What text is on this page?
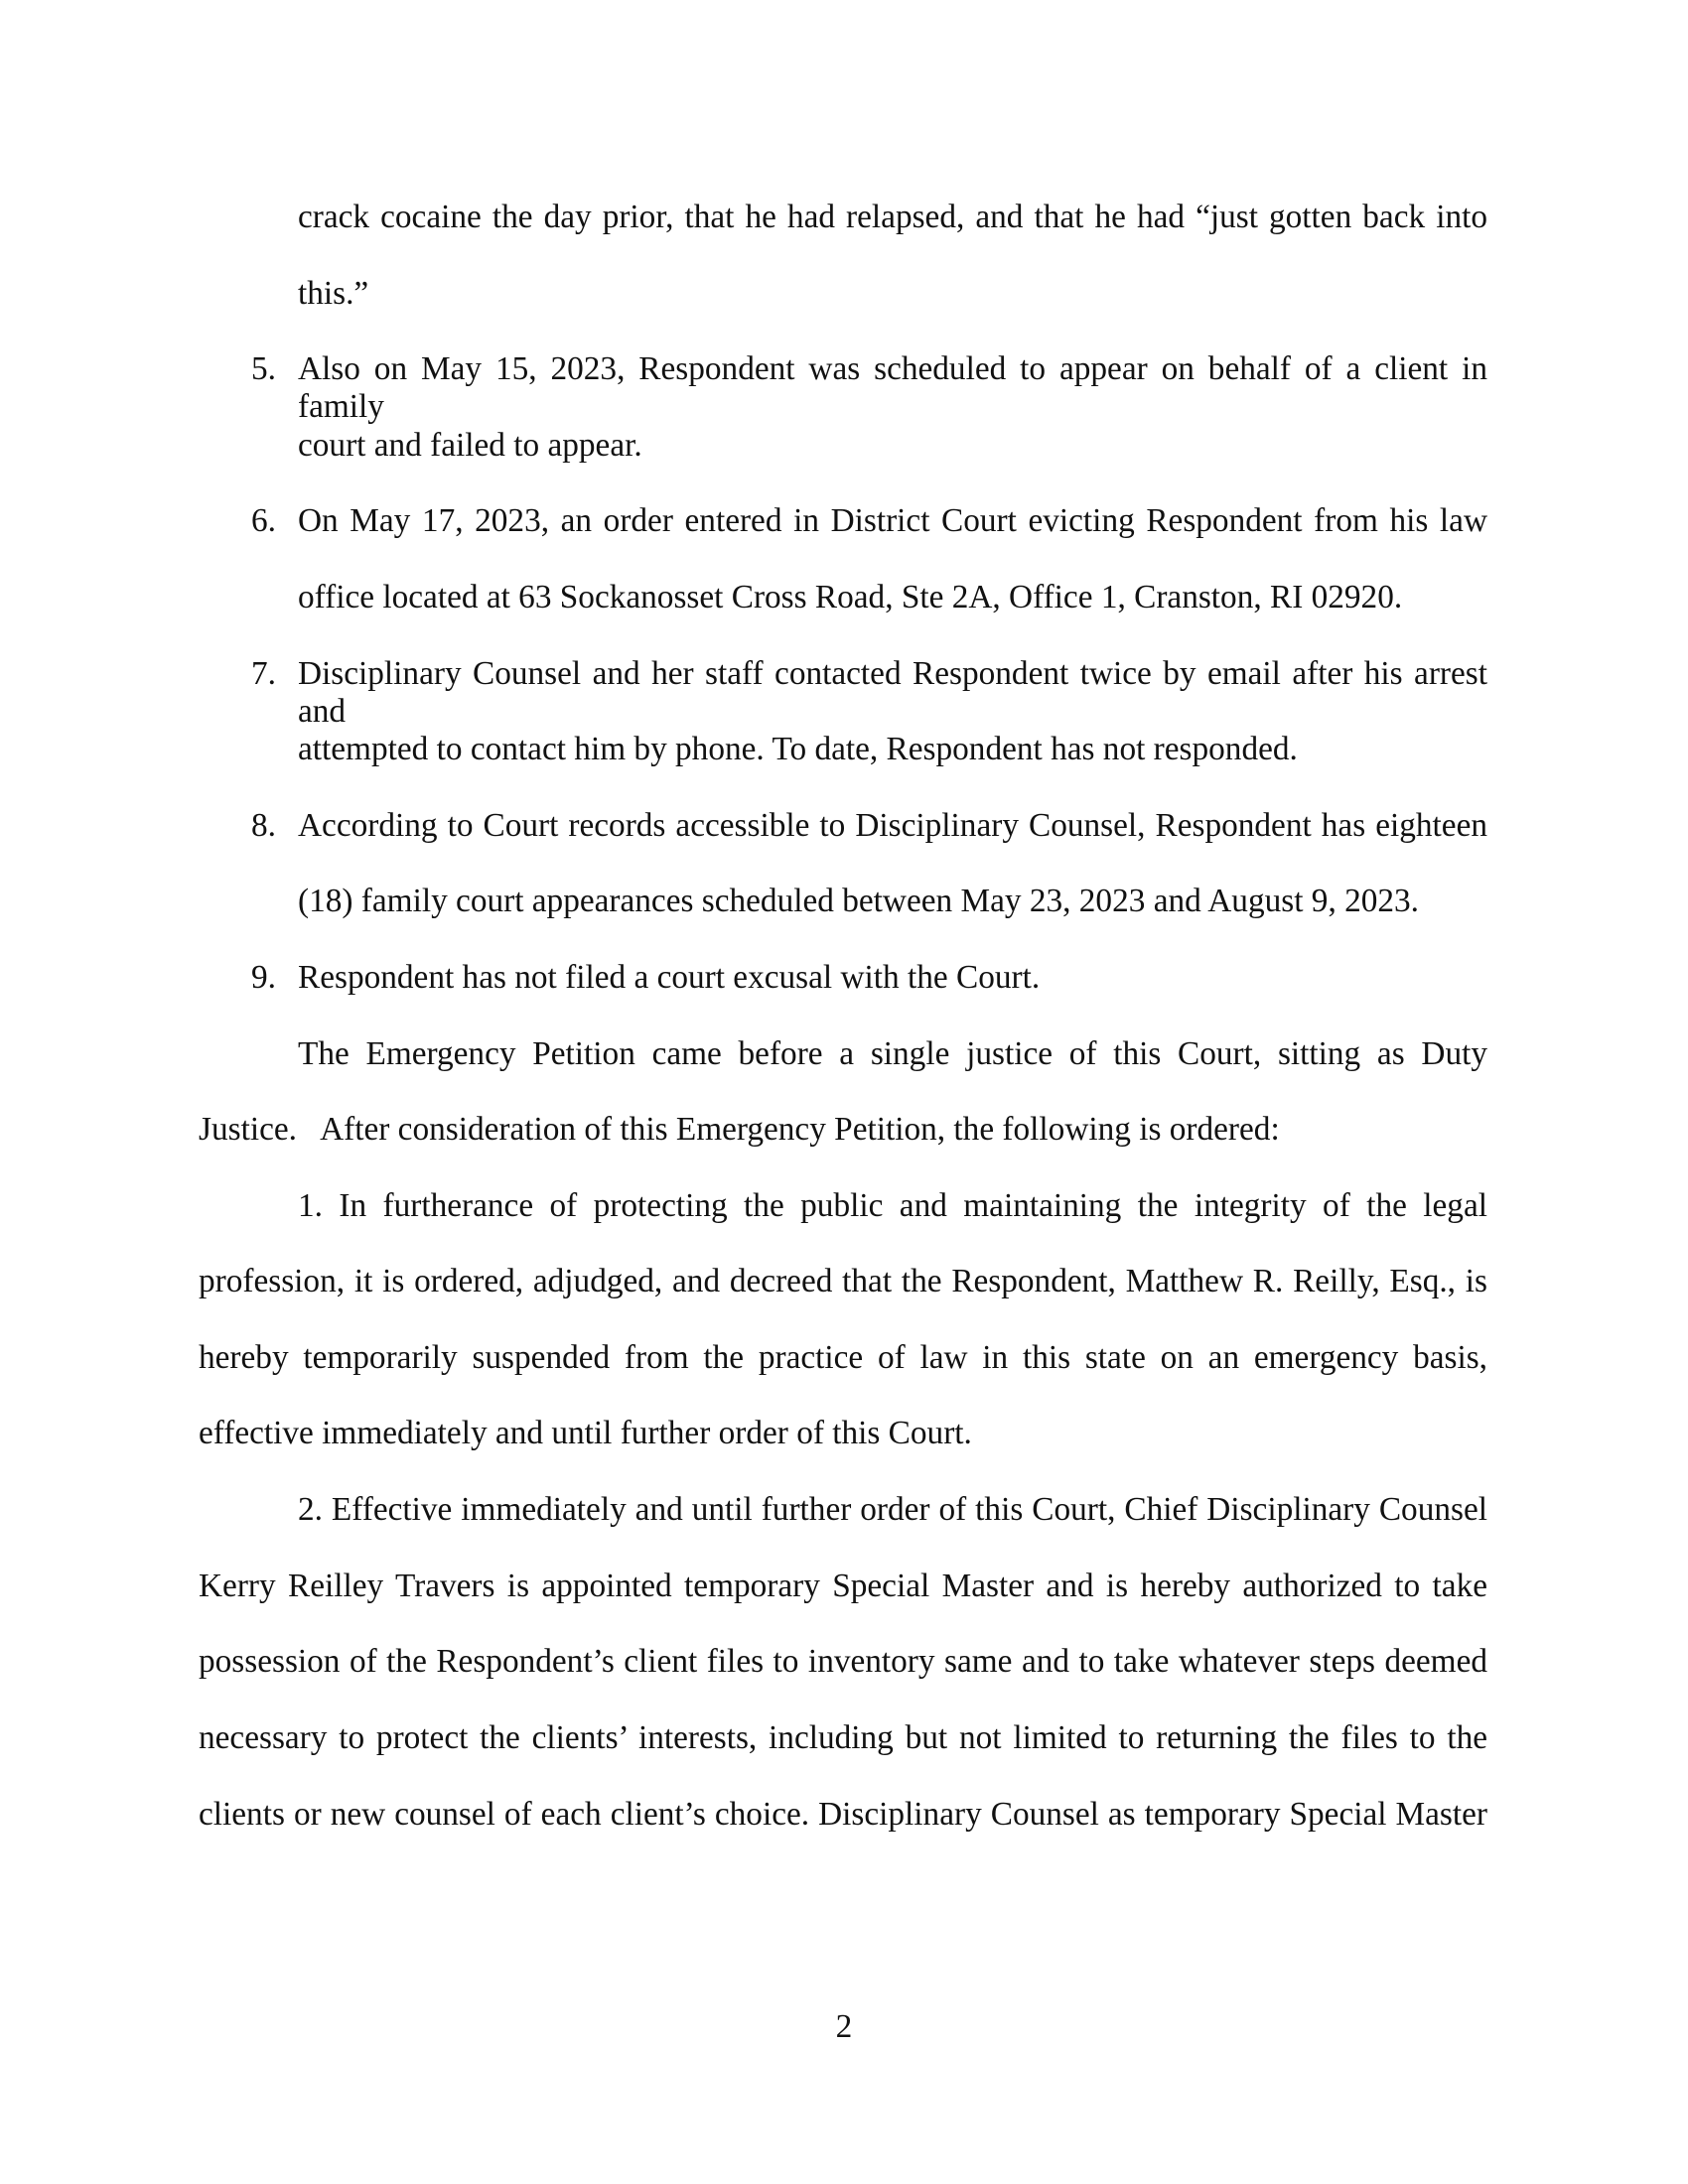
crack cocaine the day prior, that he had relapsed, and that he had “just gotten back into
this.”
5. Also on May 15, 2023, Respondent was scheduled to appear on behalf of a client in family
court and failed to appear.
6. On May 17, 2023, an order entered in District Court evicting Respondent from his law
office located at 63 Sockanosset Cross Road, Ste 2A, Office 1, Cranston, RI 02920.
7. Disciplinary Counsel and her staff contacted Respondent twice by email after his arrest and
attempted to contact him by phone. To date, Respondent has not responded.
8. According to Court records accessible to Disciplinary Counsel, Respondent has eighteen
(18) family court appearances scheduled between May 23, 2023 and August 9, 2023.
9. Respondent has not filed a court excusal with the Court.
The Emergency Petition came before a single justice of this Court, sitting as Duty
Justice.   After consideration of this Emergency Petition, the following is ordered:
1. In furtherance of protecting the public and maintaining the integrity of the legal
profession, it is ordered, adjudged, and decreed that the Respondent, Matthew R. Reilly, Esq., is
hereby temporarily suspended from the practice of law in this state on an emergency basis,
effective immediately and until further order of this Court.
2. Effective immediately and until further order of this Court, Chief Disciplinary Counsel
Kerry Reilley Travers is appointed temporary Special Master and is hereby authorized to take
possession of the Respondent’s client files to inventory same and to take whatever steps deemed
necessary to protect the clients’ interests, including but not limited to returning the files to the
clients or new counsel of each client’s choice. Disciplinary Counsel as temporary Special Master
2
